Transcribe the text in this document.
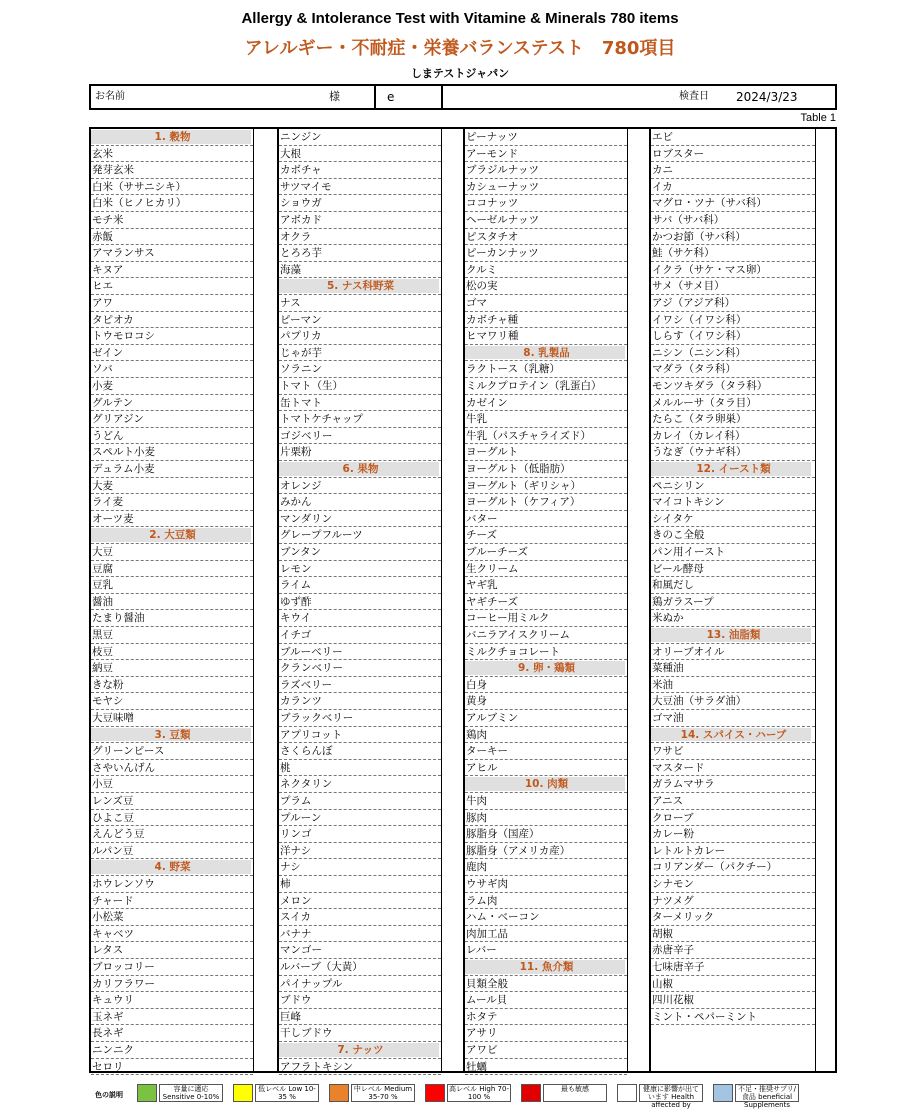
Allergy & Intolerance Test with Vitamine & Minerals 780 items
アレルギー・不耐症・栄養バランステスト　780項目
しまテストジャパン
お名前	様	e	検査日 2024/3/23
Table 1
1. 穀物
玄米
発芽玄米
白米（ササニシキ）
白米（ヒノヒカリ）
モチ米
赤飯
アマランサス
キヌア
ヒエ
アワ
タピオカ
トウモロコシ
ゼイン
ソバ
小麦
グルテン
グリアジン
うどん
スペルト小麦
デュラム小麦
大麦
ライ麦
オーツ麦
2. 大豆類
大豆
豆腐
豆乳
醤油
たまり醤油
黒豆
枝豆
納豆
きな粉
モヤシ
大豆味噌
3. 豆類
グリーンピース
さやいんげん
小豆
レンズ豆
ひよこ豆
えんどう豆
ルパン豆
4. 野菜
ホウレンソウ
チャード
小松菜
キャベツ
レタス
ブロッコリー
カリフラワー
キュウリ
玉ネギ
長ネギ
ニンニク
セロリ
ニンジン
大根
カボチャ
サツマイモ
ショウガ
アボカド
オクラ
とろろ芋
海藻
5. ナス科野菜
ナス
ピーマン
パプリカ
じゃが芋
ソラニン
トマト（生）
缶トマト
トマトケチャップ
ゴジベリー
片栗粉
6. 果物
オレンジ
みかん
マンダリン
グレープフルーツ
ブンタン
レモン
ライム
ゆず酢
キウイ
イチゴ
ブルーベリー
クランベリー
ラズベリー
カランツ
ブラックベリー
アプリコット
さくらんぼ
桃
ネクタリン
プラム
プルーン
リンゴ
洋ナシ
ナシ
柿
メロン
スイカ
バナナ
マンゴー
ルバーブ（大黄）
パイナップル
ブドウ
巨峰
干しブドウ
7. ナッツ
アフラトキシン
ピーナッツ
アーモンド
ブラジルナッツ
カシューナッツ
ココナッツ
ヘーゼルナッツ
ピスタチオ
ピーカンナッツ
クルミ
松の実
ゴマ
カボチャ種
ヒマワリ種
8. 乳製品
ラクトース（乳糖）
ミルクプロテイン（乳蛋白）
カゼイン
牛乳
牛乳（パスチャライズド）
ヨーグルト
ヨーグルト（低脂肪）
ヨーグルト（ギリシャ）
ヨーグルト（ケフィア）
バター
チーズ
ブルーチーズ
生クリーム
ヤギ乳
ヤギチーズ
コーヒー用ミルク
バニラアイスクリーム
ミルクチョコレート
9. 卵・鶏類
白身
黄身
アルブミン
鶏肉
ターキー
アヒル
10. 肉類
牛肉
豚肉
豚脂身（国産）
豚脂身（アメリカ産）
鹿肉
ウサギ肉
ラム肉
ハム・ベーコン
肉加工品
レバー
11. 魚介類
貝類全般
ムール貝
ホタテ
アサリ
アワビ
牡蠣
エビ
ロブスター
カニ
イカ
マグロ・ツナ（サバ科）
サバ（サバ科）
かつお節（サバ科）
鮭（サケ科）
イクラ（サケ・マス卵）
サメ（サメ目）
アジ（アジア科）
イワシ（イワシ科）
しらす（イワシ科）
ニシン（ニシン科）
マダラ（タラ科）
モンツキダラ（タラ科）
メルルーサ（タラ目）
たらこ（タラ卵巣）
カレイ（カレイ科）
うなぎ（ウナギ科）
12. イースト類
ペニシリン
マイコトキシン
シイタケ
きのこ全般
パン用イースト
ビール酵母
和風だし
鶏ガラスープ
米ぬか
13. 油脂類
オリーブオイル
菜種油
米油
大豆油（サラダ油）
ゴマ油
14. スパイス・ハーブ
ワサビ
マスタード
ガラムマサラ
アニス
クローブ
カレー粉
レトルトカレー
コリアンダー（パクチー）
シナモン
ナツメグ
ターメリック
胡椒
赤唐辛子
七味唐辛子
山椒
四川花椒
ミント・ペパーミント
色の説明
容量に適応 Sensitive 0-10%
低レベル Low 10-35 %
中レベル Medium 35-70 %
高レベル High 70-100 %
最も敏感	健康に影響が出ています Health affected by
不足・推奨サプリ/食品 beneficial Supplements
